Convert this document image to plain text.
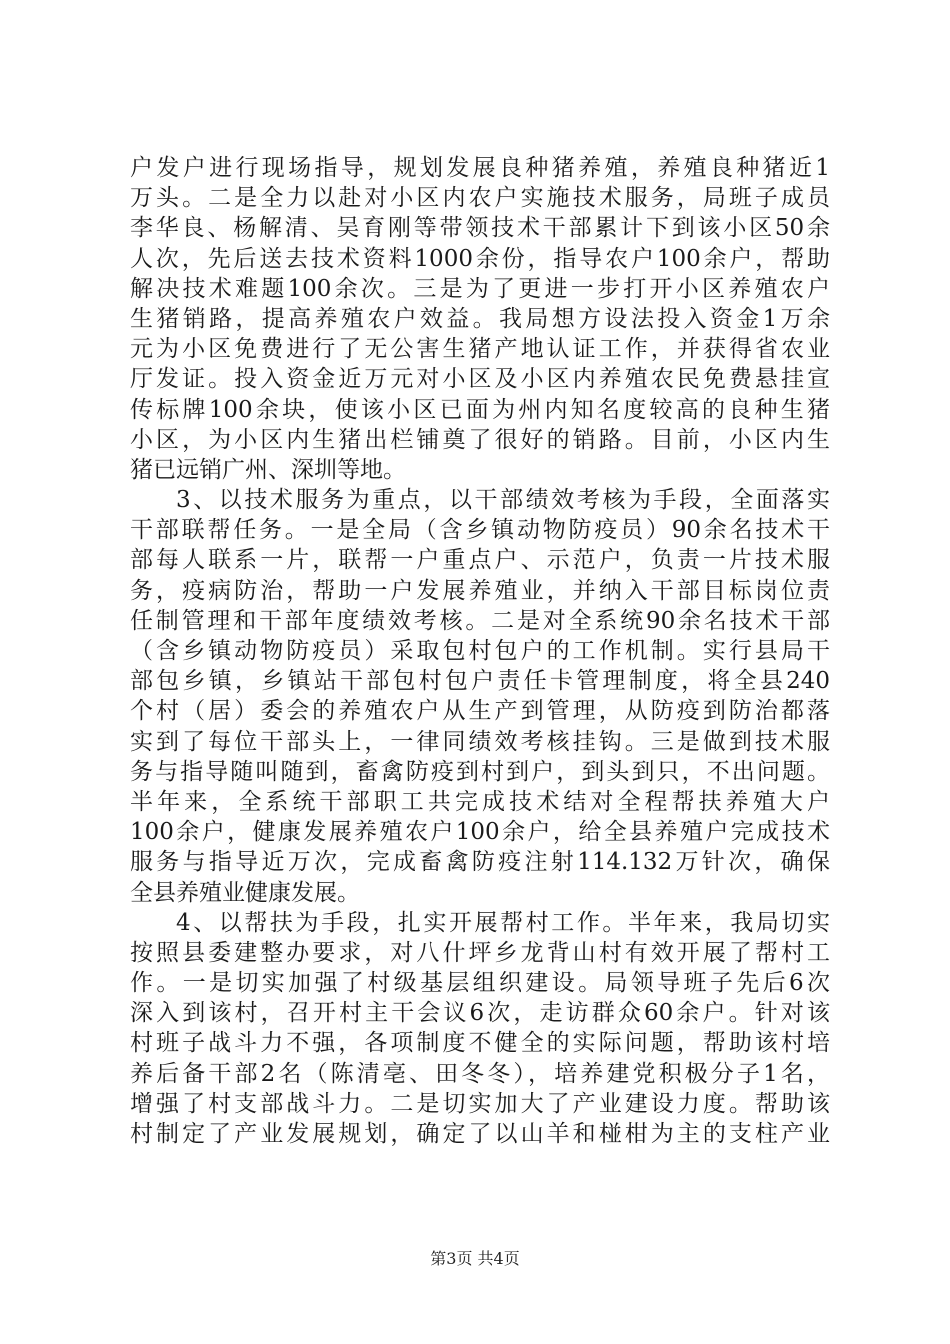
户发户进行现场指导，规划发展良种猪养殖，养殖良种猪近1
万头。二是全力以赴对小区内农户实施技术服务，局班子成员
李华良、杨解清、吴育刚等带领技术干部累计下到该小区50余
人次，先后送去技术资料1000余份，指导农户100余户，帮助
解决技术难题100余次。三是为了更进一步打开小区养殖农户
生猪销路，提高养殖农户效益。我局想方设法投入资金1万余
元为小区免费进行了无公害生猪产地认证工作，并获得省农业
厅发证。投入资金近万元对小区及小区内养殖农民免费悬挂宣
传标牌100余块，使该小区已面为州内知名度较高的良种生猪
小区，为小区内生猪出栏铺奠了很好的销路。目前，小区内生
猪已远销广州、深圳等地。
3、以技术服务为重点，以干部绩效考核为手段，全面落实
干部联帮任务。一是全局（含乡镇动物防疫员）90余名技术干
部每人联系一片，联帮一户重点户、示范户，负责一片技术服
务，疫病防治，帮助一户发展养殖业，并纳入干部目标岗位责
任制管理和干部年度绩效考核。二是对全系统90余名技术干部
（含乡镇动物防疫员）采取包村包户的工作机制。实行县局干
部包乡镇，乡镇站干部包村包户责任卡管理制度，将全县240
个村（居）委会的养殖农户从生产到管理，从防疫到防治都落
实到了每位干部头上，一律同绩效考核挂钩。三是做到技术服
务与指导随叫随到，畜禽防疫到村到户，到头到只，不出问题。
半年来，全系统干部职工共完成技术结对全程帮扶养殖大户
100余户，健康发展养殖农户100余户，给全县养殖户完成技术
服务与指导近万次，完成畜禽防疫注射114.132万针次，确保
全县养殖业健康发展。
4、以帮扶为手段，扎实开展帮村工作。半年来，我局切实
按照县委建整办要求，对八什坪乡龙背山村有效开展了帮村工
作。一是切实加强了村级基层组织建设。局领导班子先后6次
深入到该村，召开村主干会议6次，走访群众60余户。针对该
村班子战斗力不强，各项制度不健全的实际问题，帮助该村培
养后备干部2名（陈清亳、田冬冬），培养建党积极分子1名，
增强了村支部战斗力。二是切实加大了产业建设力度。帮助该
村制定了产业发展规划，确定了以山羊和椪柑为主的支柱产业
第3页 共4页
